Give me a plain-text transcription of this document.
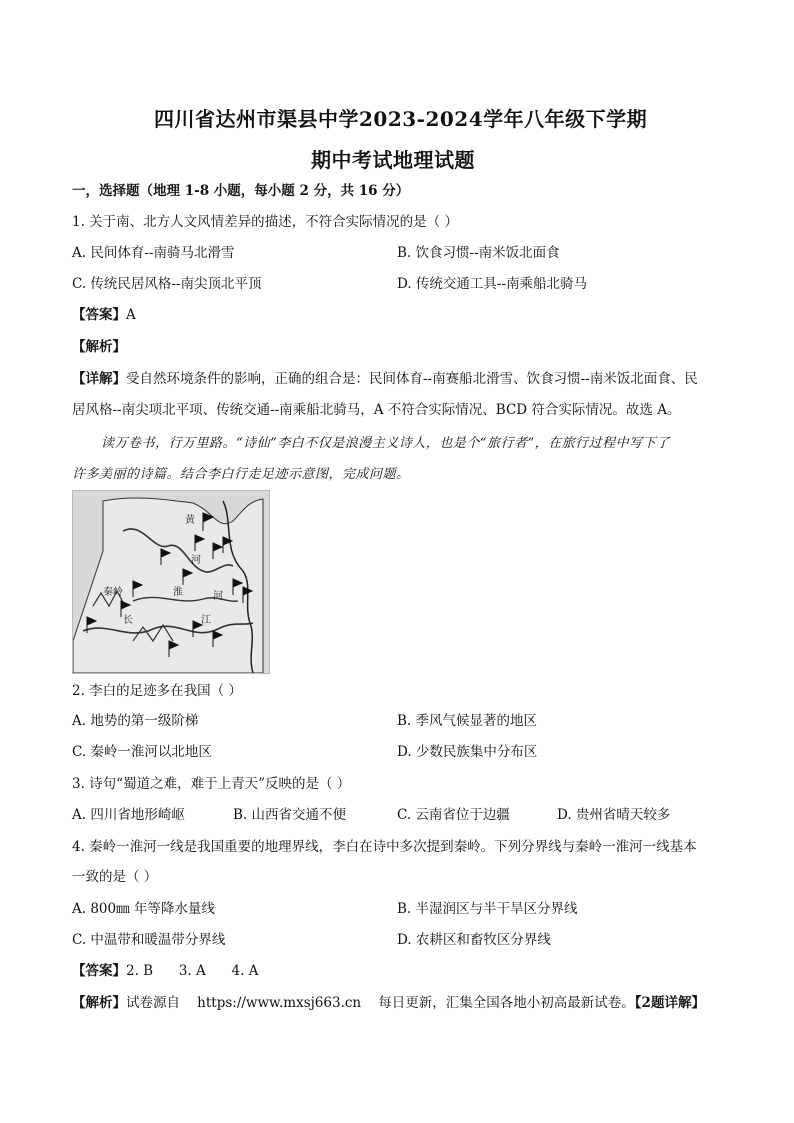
四川省达州市渠县中学2023-2024学年八年级下学期
期中考试地理试题
一，选择题（地理 1-8 小题，每小题 2 分，共 16 分）
1. 关于南、北方人文风情差异的描述，不符合实际情况的是（ ）
A. 民间体育--南骑马北滑雪	B. 饮食习惯--南米饭北面食
C. 传统民居风格--南尖顶北平顶	D. 传统交通工具--南乘船北骑马
【答案】A
【解析】
【详解】受自然环境条件的影响，正确的组合是：民间体育--南赛船北滑雪、饮食习惯--南米饭北面食、民
居风格--南尖项北平项、传统交通--南乘船北骑马，A 不符合实际情况、BCD 符合实际情况。故选 A。
读万卷书，行万里路。“诗仙”李白不仅是浪漫主义诗人，也是个“旅行者”，在旅行过程中写下了
许多美丽的诗篇。结合李白行走足迹示意图，完成问题。
黄
河
秦岭	淮	河
长	江
2. 李白的足迹多在我国（ ）
A. 地势的第一级阶梯	B. 季风气候显著的地区
C. 秦岭一淮河以北地区	D. 少数民族集中分布区
3. 诗句“蜀道之难，难于上青天”反映的是（ ）
A. 四川省地形崎岖	B. 山西省交通不便	C. 云南省位于边疆	D. 贵州省晴天较多
4. 秦岭一淮河一线是我国重要的地理界线，李白在诗中多次提到秦岭。下列分界线与秦岭一淮河一线基本
一致的是（ ）
A. 800㎜ 年等降水量线	B. 半湿润区与半干旱区分界线
C. 中温带和暖温带分界线	D. 农耕区和畜牧区分界线
【答案】2. B      3. A      4. A
【解析】试卷源自    https://www.mxsj663.cn    每日更新，汇集全国各地小初高最新试卷。【2题详解】
